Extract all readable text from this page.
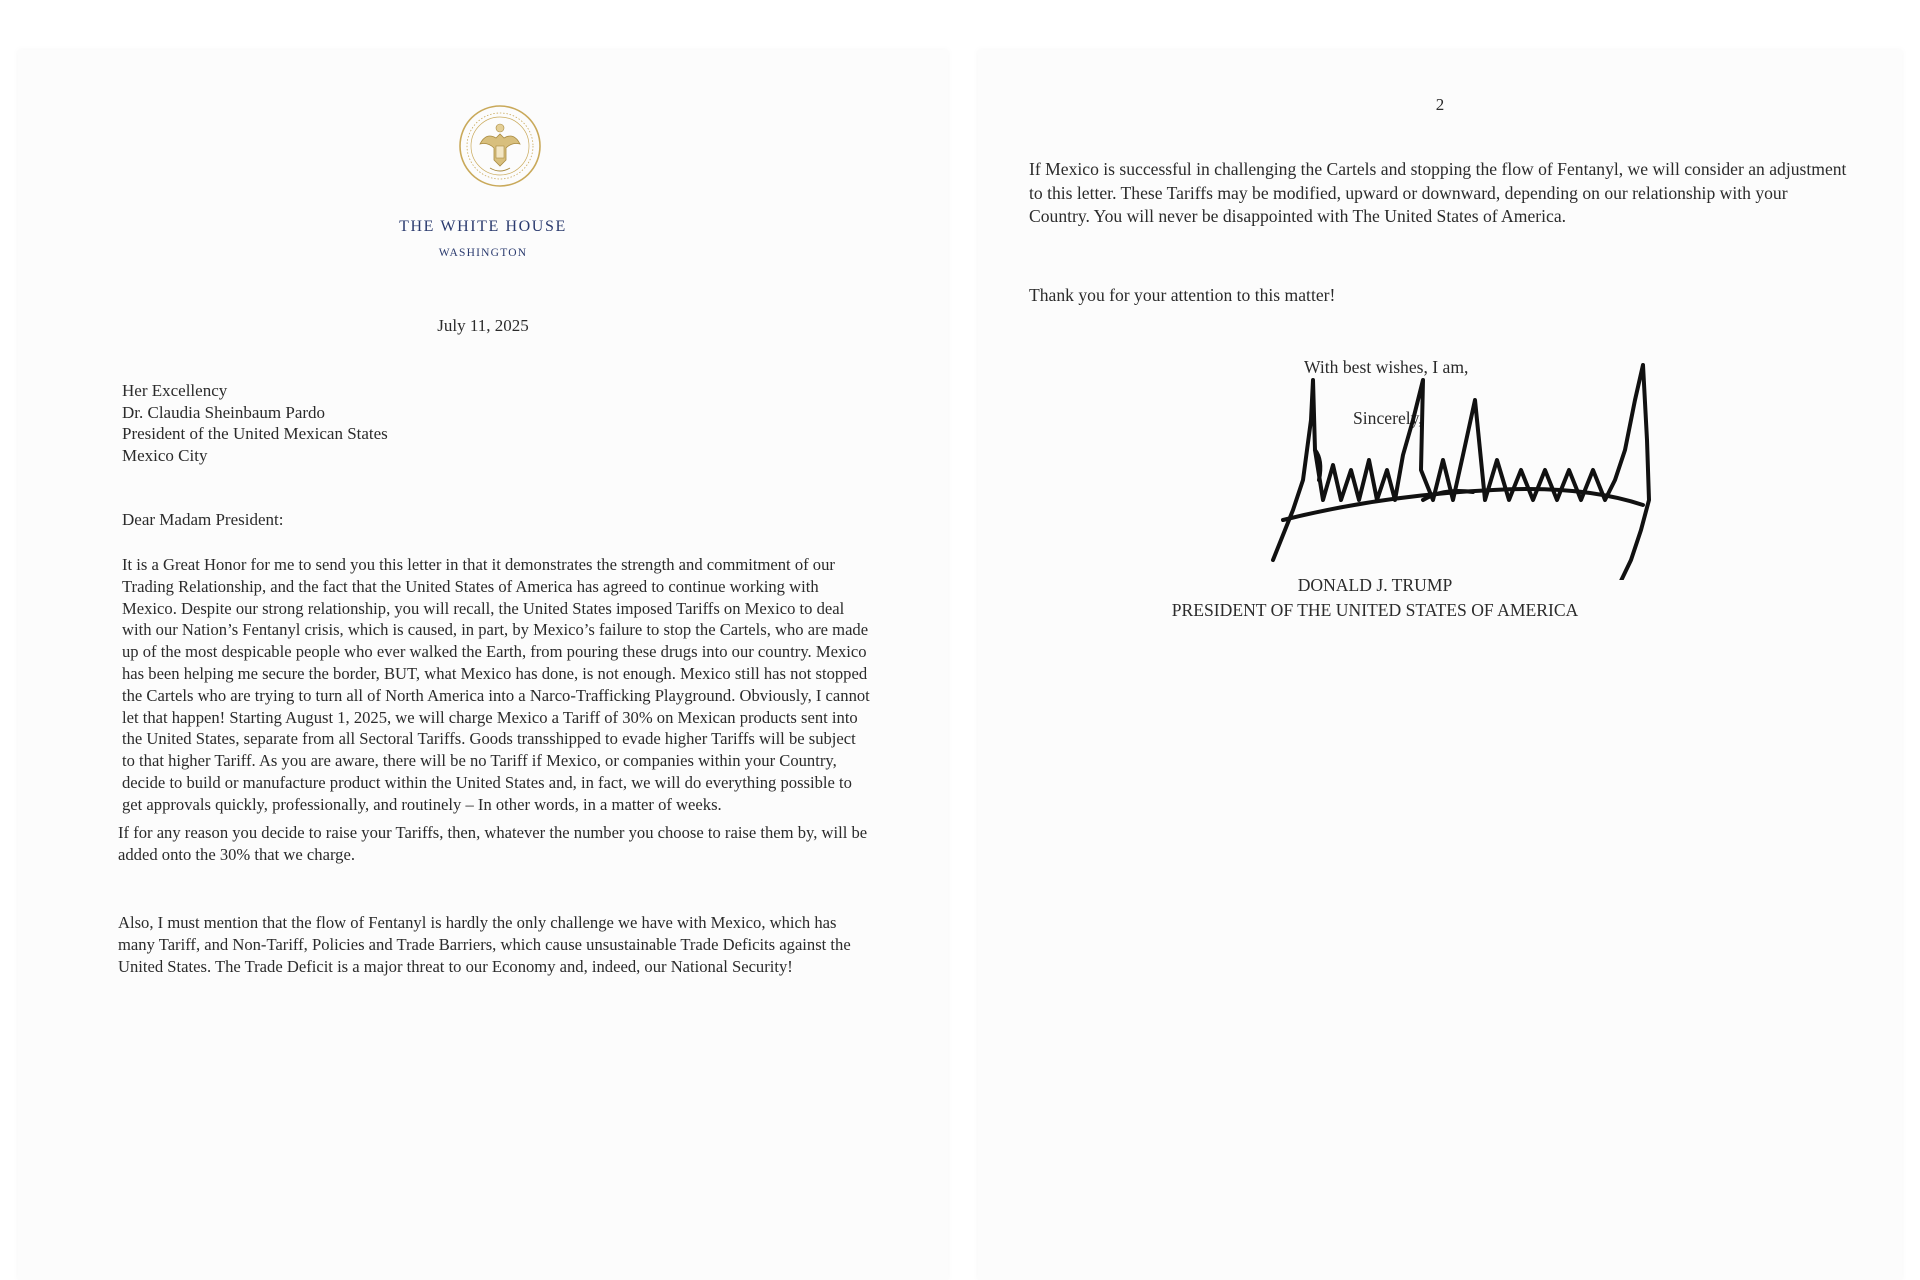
THE WHITE HOUSE
WASHINGTON
July 11, 2025
Her Excellency
Dr. Claudia Sheinbaum Pardo
President of the United Mexican States
Mexico City
Dear Madam President:
It is a Great Honor for me to send you this letter in that it demonstrates the strength and commitment of our Trading Relationship, and the fact that the United States of America has agreed to continue working with Mexico. Despite our strong relationship, you will recall, the United States imposed Tariffs on Mexico to deal with our Nation’s Fentanyl crisis, which is caused, in part, by Mexico’s failure to stop the Cartels, who are made up of the most despicable people who ever walked the Earth, from pouring these drugs into our country. Mexico has been helping me secure the border, BUT, what Mexico has done, is not enough. Mexico still has not stopped the Cartels who are trying to turn all of North America into a Narco-Trafficking Playground. Obviously, I cannot let that happen! Starting August 1, 2025, we will charge Mexico a Tariff of 30% on Mexican products sent into the United States, separate from all Sectoral Tariffs. Goods transshipped to evade higher Tariffs will be subject to that higher Tariff. As you are aware, there will be no Tariff if Mexico, or companies within your Country, decide to build or manufacture product within the United States and, in fact, we will do everything possible to get approvals quickly, professionally, and routinely – In other words, in a matter of weeks.
If for any reason you decide to raise your Tariffs, then, whatever the number you choose to raise them by, will be added onto the 30% that we charge.
Also, I must mention that the flow of Fentanyl is hardly the only challenge we have with Mexico, which has many Tariff, and Non-Tariff, Policies and Trade Barriers, which cause unsustainable Trade Deficits against the United States. The Trade Deficit is a major threat to our Economy and, indeed, our National Security!
2
If Mexico is successful in challenging the Cartels and stopping the flow of Fentanyl, we will consider an adjustment to this letter. These Tariffs may be modified, upward or downward, depending on our relationship with your Country. You will never be disappointed with The United States of America.
Thank you for your attention to this matter!
With best wishes, I am,
Sincerely,
DONALD J. TRUMP
PRESIDENT OF THE UNITED STATES OF AMERICA
